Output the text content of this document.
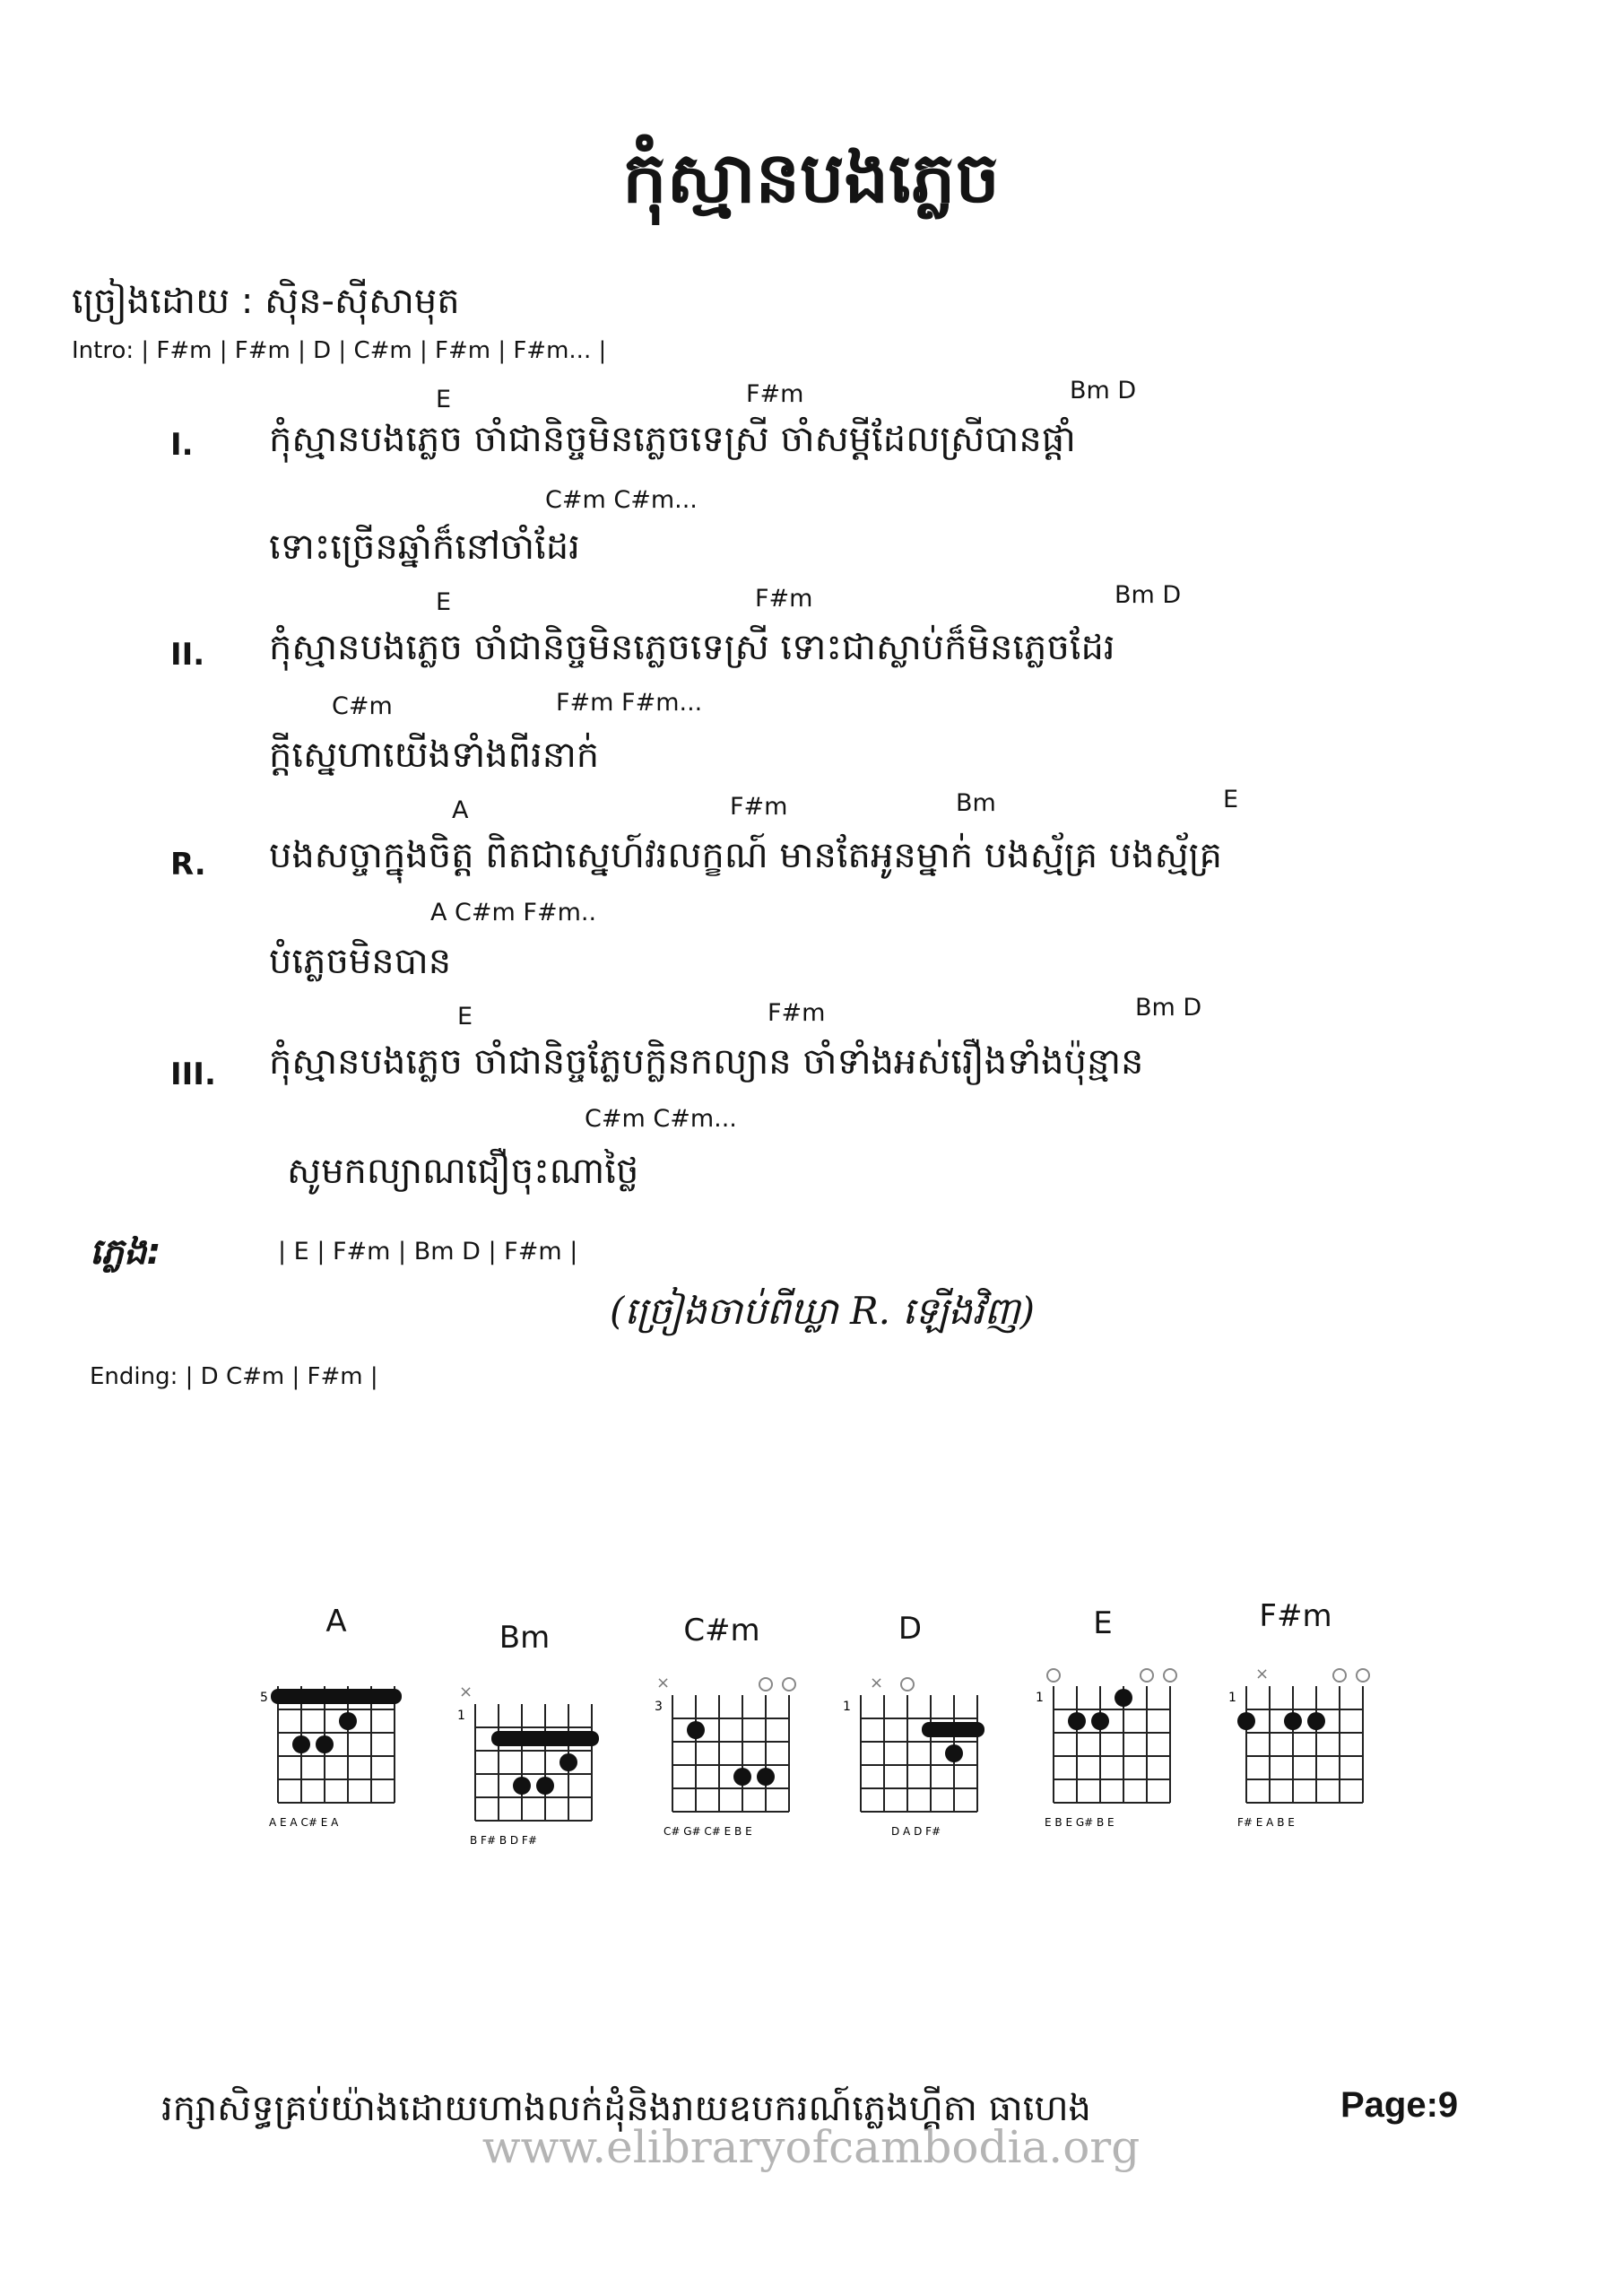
កុំស្មានបងភ្លេច
ច្រៀងដោយ : ស៊ិន-ស៊ីសាមុត
Intro: | F#m | F#m | D | C#m | F#m | F#m... |
E	F#m	Bm D
I. កុំស្មានបងភ្លេច ចាំជានិច្ចមិនភ្លេចទេស្រី ចាំសម្តីដែលស្រីបានផ្តាំ
C#m C#m...
ទោះច្រើនឆ្នាំក៏នៅចាំដែរ
E	F#m	Bm D
II. កុំស្មានបងភ្លេច ចាំជានិច្ចមិនភ្លេចទេស្រី ទោះជាស្លាប់ក៏មិនភ្លេចដែរ
C#m	F#m F#m...
ក្តីស្នេហាយើងទាំងពីរនាក់
A	F#m	Bm	E
R. បងសច្ចាក្នុងចិត្ត ពិតជាស្នេហ៍វរលក្ខណ៍ មានតែអូនម្នាក់ បងស្ម័គ្រ បងស្ម័គ្រ
A C#m F#m..
បំភ្លេចមិនបាន
E	F#m	Bm D
III. កុំស្មានបងភ្លេច ចាំជានិច្ចភ្លែបក្លិនកល្យាន ចាំទាំងអស់រឿងទាំងប៉ុន្មាន
C#m C#m...
សូមកល្យាណជឿចុះណាថ្លៃ
ភ្លេង:	| E | F#m | Bm D | F#m |
(ច្រៀងចាប់ពីឃ្លា R. ឡើងវិញ)
Ending: | D C#m | F#m |
A	Bm	C#m	D	E	F#m
5
A E A C# E A
×
1
B F# B D F#
×
3
C# G# C# E B E
×
1
D A D F#
1
E B E G# B E
×
1
F# E A B E
www.elibraryofcambodia.org
រក្សាសិទ្ធគ្រប់យ៉ាងដោយហាងលក់ដុំនិងរាយឧបករណ៍ភ្លេងហ្គីតា ធាហេង	Page:9
